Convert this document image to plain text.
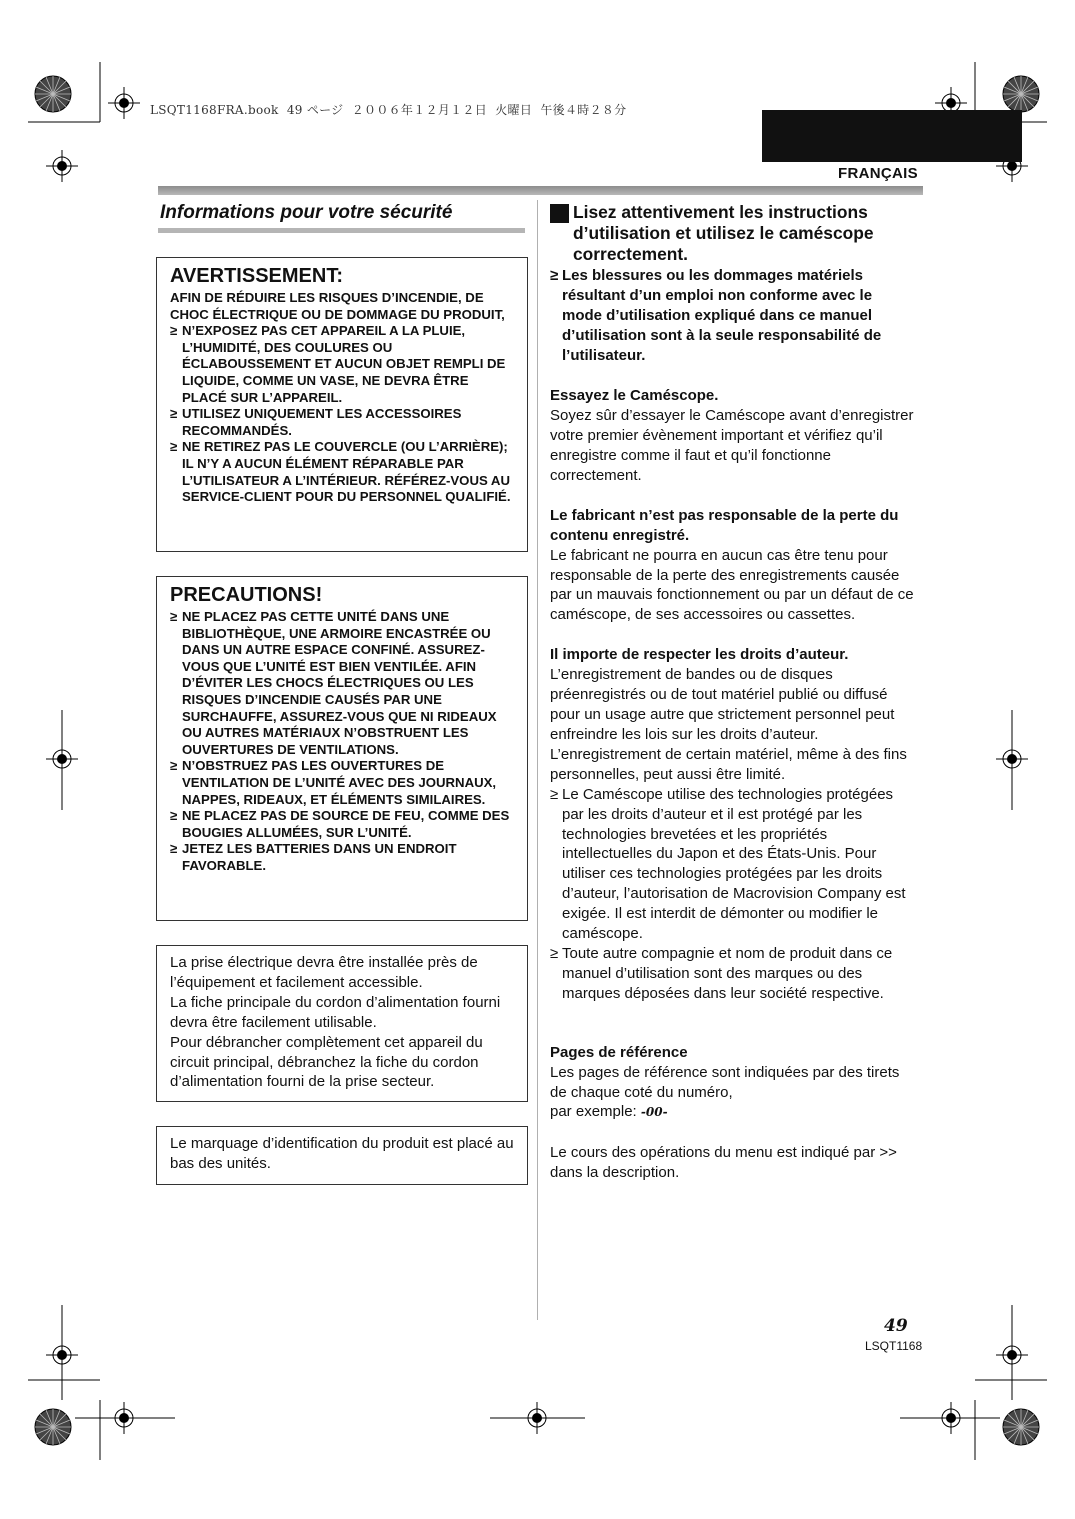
LSQT1168FRA.book  49 ページ  ２００６年１２月１２日  火曜日  午後４時２８分
FRANÇAIS
Informations pour votre sécurité
AVERTISSEMENT:

AFIN DE RÉDUIRE LES RISQUES D’INCENDIE, DE CHOC ÉLECTRIQUE OU DE DOMMAGE DU PRODUIT,

≥ N’EXPOSEZ PAS CET APPAREIL A LA PLUIE, L’HUMIDITÉ, DES COULURES OU ÉCLABOUSSEMENT ET AUCUN OBJET REMPLI DE LIQUIDE, COMME UN VASE, NE DEVRA ÊTRE PLACÉ SUR L’APPAREIL.

≥ UTILISEZ UNIQUEMENT LES ACCESSOIRES RECOMMANDÉS.

≥ NE RETIREZ PAS LE COUVERCLE (OU L’ARRIÈRE); IL N’Y A AUCUN ÉLÉMENT RÉPARABLE PAR L’UTILISATEUR A L’INTÉRIEUR. RÉFÉREZ-VOUS AU SERVICE-CLIENT POUR DU PERSONNEL QUALIFIÉ.

PRECAUTIONS!

≥ NE PLACEZ PAS CETTE UNITÉ DANS UNE BIBLIOTHÈQUE, UNE ARMOIRE ENCASTRÉE OU DANS UN AUTRE ESPACE CONFINÉ. ASSUREZ-VOUS QUE L’UNITÉ EST BIEN VENTILÉE. AFIN D’ÉVITER LES CHOCS ÉLECTRIQUES OU LES RISQUES D’INCENDIE CAUSÉS PAR UNE SURCHAUFFE, ASSUREZ-VOUS QUE NI RIDEAUX OU AUTRES MATÉRIAUX N’OBSTRUENT LES OUVERTURES DE VENTILATIONS.

≥ N’OBSTRUEZ PAS LES OUVERTURES DE VENTILATION DE L’UNITÉ AVEC DES JOURNAUX, NAPPES, RIDEAUX, ET ÉLÉMENTS SIMILAIRES.

≥ NE PLACEZ PAS DE SOURCE DE FEU, COMME DES BOUGIES ALLUMÉES, SUR L’UNITÉ.

≥ JETEZ LES BATTERIES DANS UN ENDROIT FAVORABLE.

La prise électrique devra être installée près de l’équipement et facilement accessible.

La fiche principale du cordon d’alimentation fourni devra être facilement utilisable.

Pour débrancher complètement cet appareil du circuit principal, débranchez la fiche du cordon d’alimentation fourni de la prise secteur.

Le marquage d’identification du produit est placé au bas des unités.

Lisez attentivement les instructions d’utilisation et utilisez le caméscope correctement.

≥ Les blessures ou les dommages matériels résultant d’un emploi non conforme avec le mode d’utilisation expliqué dans ce manuel d’utilisation sont à la seule responsabilité de l’utilisateur.

Essayez le Caméscope.

Soyez sûr d’essayer le Caméscope avant d’enregistrer votre premier évènement important et vérifiez qu’il enregistre comme il faut et qu’il fonctionne correctement.

Le fabricant n’est pas responsable de la perte du contenu enregistré.

Le fabricant ne pourra en aucun cas être tenu pour responsable de la perte des enregistrements causée par un mauvais fonctionnement ou par un défaut de ce caméscope, de ses accessoires ou cassettes.

Il importe de respecter les droits d’auteur.

L’enregistrement de bandes ou de disques préenregistrés ou de tout matériel publié ou diffusé pour un usage autre que strictement personnel peut enfreindre les lois sur les droits d’auteur. L’enregistrement de certain matériel, même à des fins personnelles, peut aussi être limité.

≥ Le Caméscope utilise des technologies protégées par les droits d’auteur et il est protégé par les technologies brevetées et les propriétés intellectuelles du Japon et des États-Unis. Pour utiliser ces technologies protégées par les droits d’auteur, l’autorisation de Macrovision Company est exigée. Il est interdit de démonter ou modifier le caméscope.

≥ Toute autre compagnie et nom de produit dans ce manuel d’utilisation sont des marques ou des marques déposées dans leur société respective.

Pages de référence

Les pages de référence sont indiquées par des tirets de chaque coté du numéro,

par exemple: -00-

Le cours des opérations du menu est indiqué par >> dans la description.

49
LSQT1168
